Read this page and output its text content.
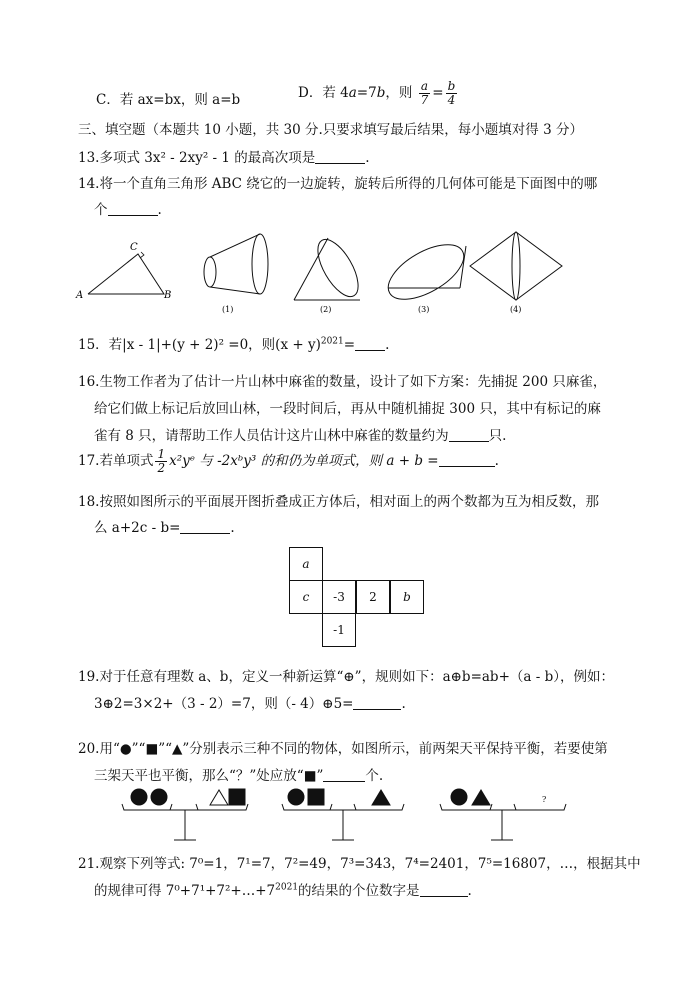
C．若 ax=bx，则 a=b	D．若 4a=7b，则 $\frac{a}{7} = \frac{b}{4}$
三、填空题（本题共 10 小题，共 30 分.只要求填写最后结果，每小题填对得 3 分）
13.多项式 3x² - 2xy² - 1 的最高次项是	.
14.将一个直角三角形 ABC 绕它的一边旋转，旋转后所得的几何体可能是下面图中的哪
个	.
A	B
C
(1)	(2)	(3)	(4)
15．若|x - 1|+(y + 2)² =0，则$(x + y)^{2021}=$ .
16.生物工作者为了估计一片山林中麻雀的数量，设计了如下方案：先捕捉 200 只麻雀，
给它们做上标记后放回山林，一段时间后，再从中随机捕捉 300 只，其中有标记的麻
雀有 8 只，请帮助工作人员估计这片山林中麻雀的数量约为	只.
17.若单项式 $\frac{1}{2}$ x²yᵉ 与 -2xᵇy³ 的和仍为单项式，则 a + b =	.
18.按照如图所示的平面展开图折叠成正方体后，相对面上的两个数都为互为相反数，那
么 a+2c - b=	.
a
c	-3	2	b
-1
19.对于任意有理数 a、b，定义一种新运算“⊕”，规则如下：a⊕b=ab+（a - b），例如：
3⊕2=3×2+（3 - 2）=7，则（- 4）⊕5=	.
20.用“●”“■”“▲”分别表示三种不同的物体，如图所示，前两架天平保持平衡，若要使第
三架天平也平衡，那么“？”处应放“■”	个.
?
21.观察下列等式: 7⁰=1，7¹=7，7²=49，7³=343，7⁴=2401，7⁵=16807，…，根据其中
的规律可得 $7^0+7^1+7^2+\dots+7^{2021}$的结果的个位数字是	.
